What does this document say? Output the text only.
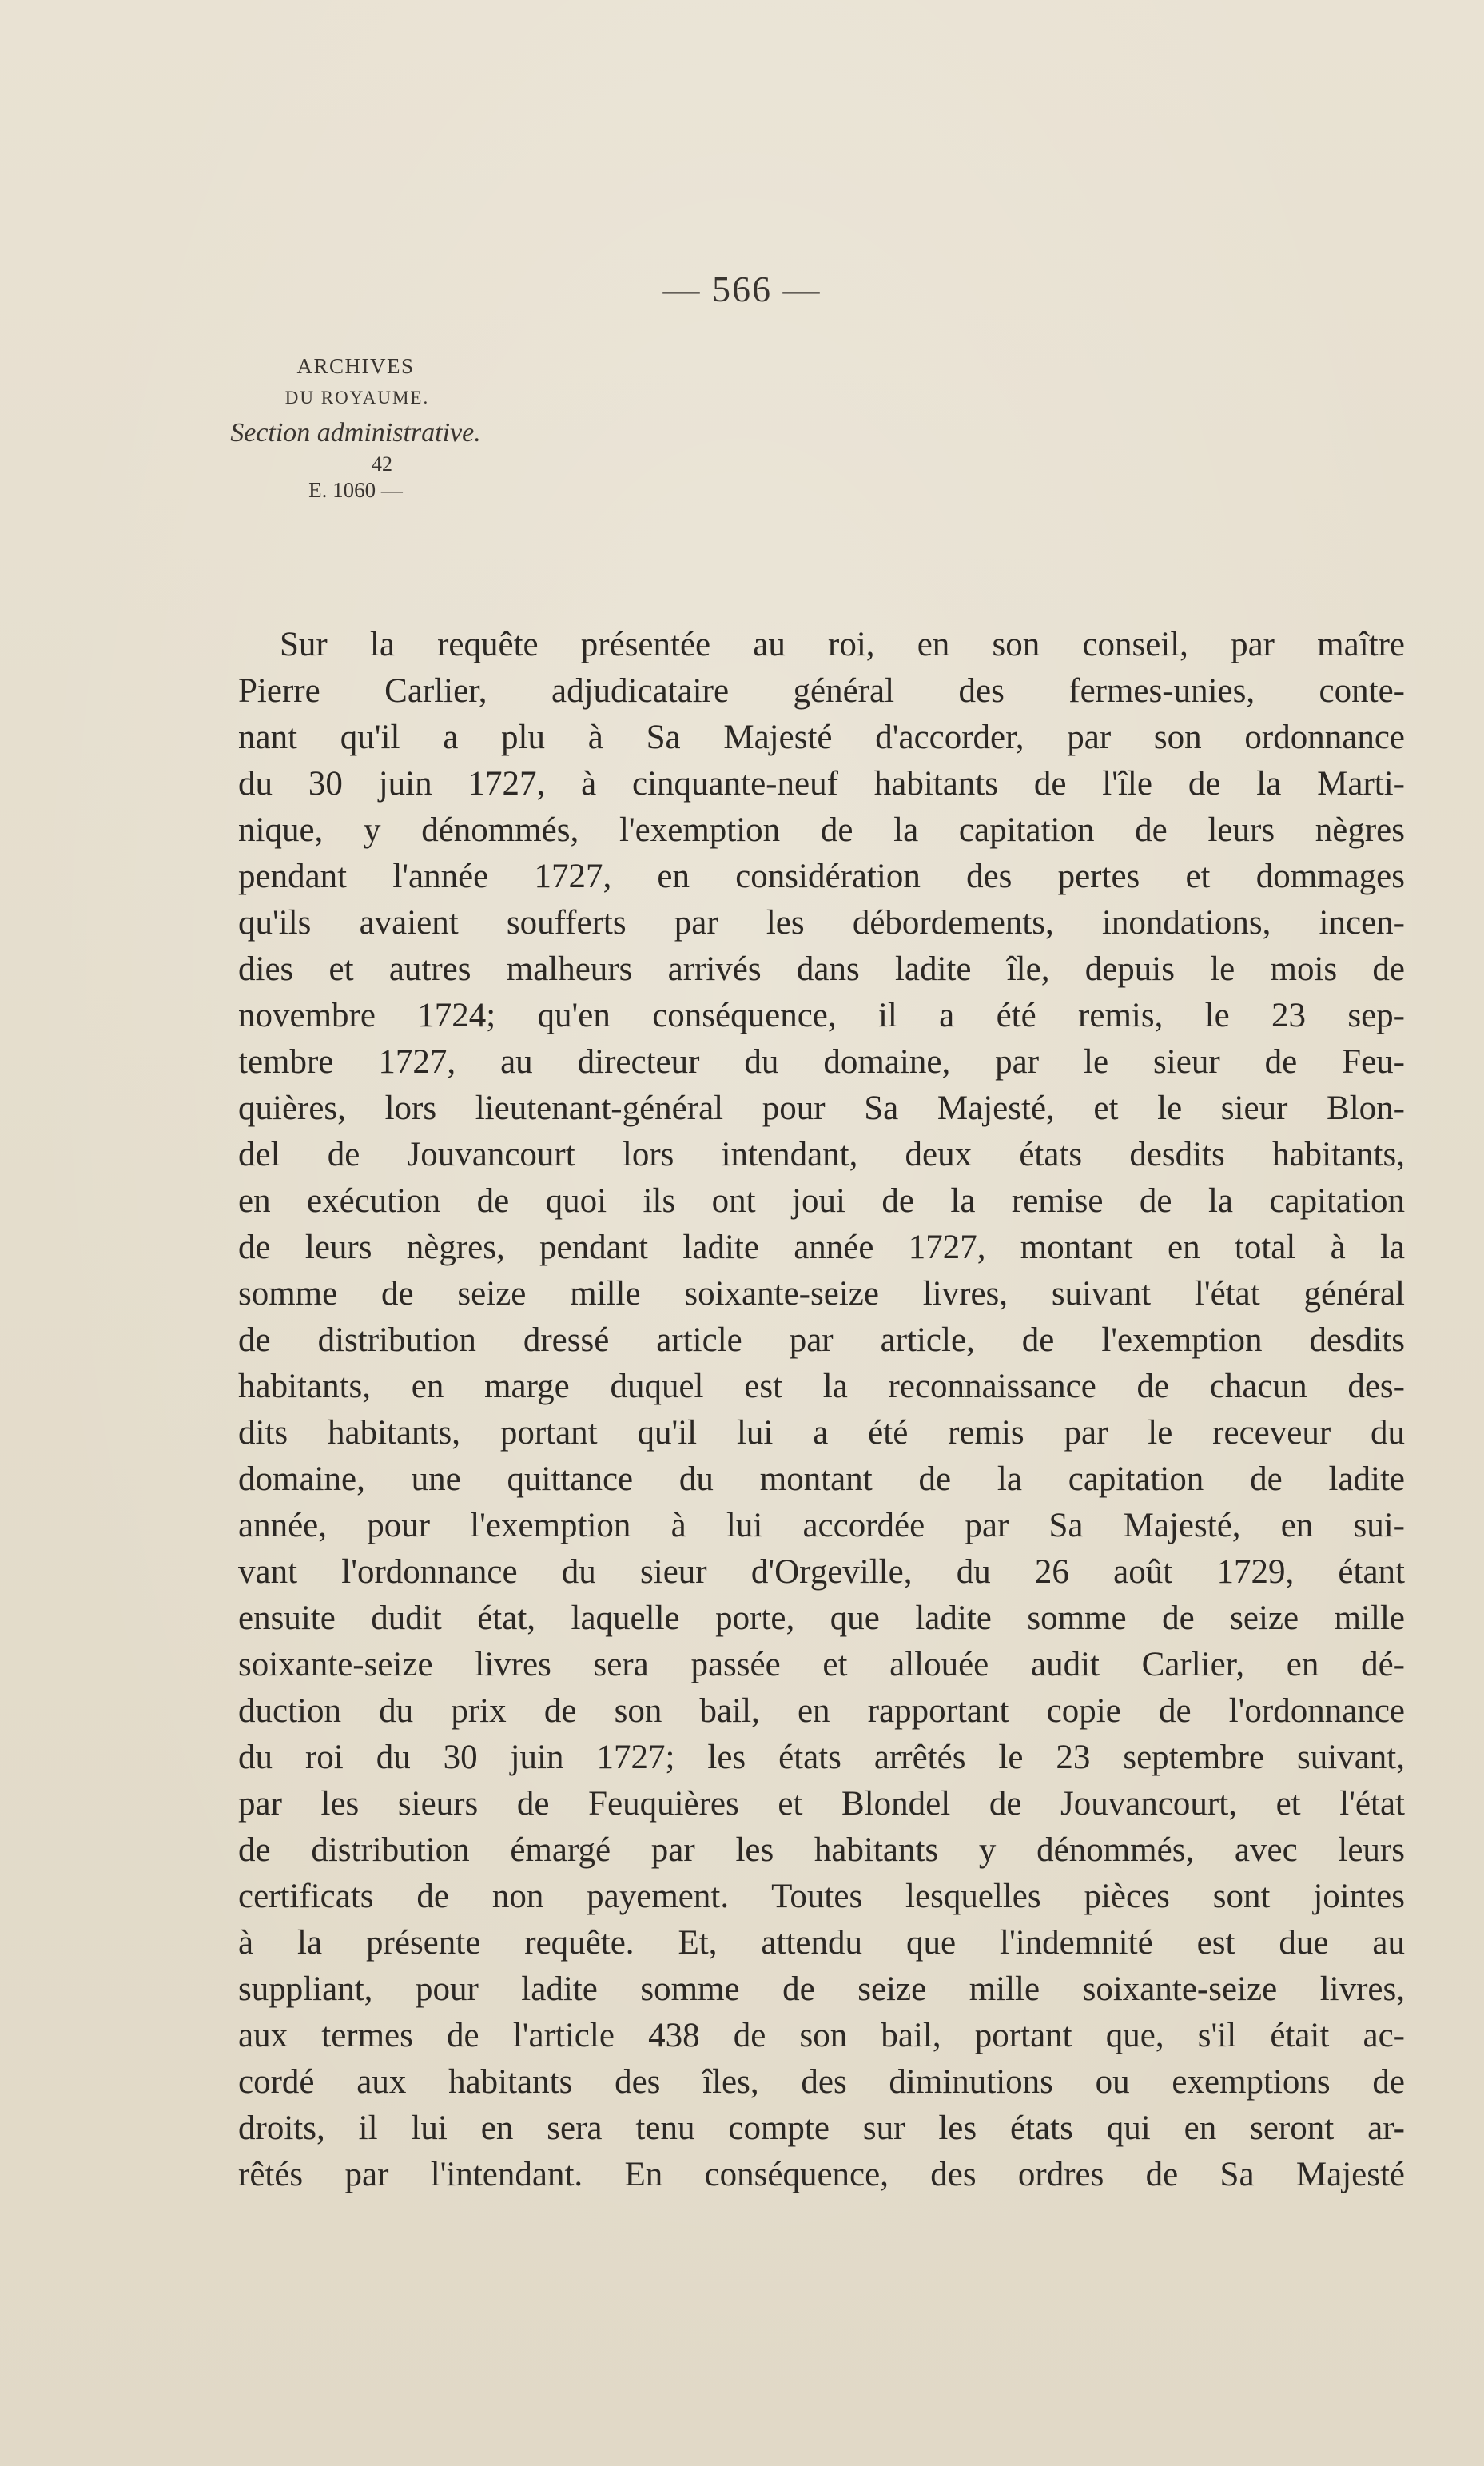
— 566 —
ARCHIVES
DU ROYAUME.
Section administrative.
42
E. 1060 —
Sur la requête présentée au roi, en son conseil, par maître
Pierre Carlier, adjudicataire général des fermes-unies, conte-
nant qu'il a plu à Sa Majesté d'accorder, par son ordonnance
du 30 juin 1727, à cinquante-neuf habitants de l'île de la Marti-
nique, y dénommés, l'exemption de la capitation de leurs nègres
pendant l'année 1727, en considération des pertes et dommages
qu'ils avaient soufferts par les débordements, inondations, incen-
dies et autres malheurs arrivés dans ladite île, depuis le mois de
novembre 1724; qu'en conséquence, il a été remis, le 23 sep-
tembre 1727, au directeur du domaine, par le sieur de Feu-
quières, lors lieutenant-général pour Sa Majesté, et le sieur Blon-
del de Jouvancourt lors intendant, deux états desdits habitants,
en exécution de quoi ils ont joui de la remise de la capitation
de leurs nègres, pendant ladite année 1727, montant en total à la
somme de seize mille soixante-seize livres, suivant l'état général
de distribution dressé article par article, de l'exemption desdits
habitants, en marge duquel est la reconnaissance de chacun des-
dits habitants, portant qu'il lui a été remis par le receveur du
domaine, une quittance du montant de la capitation de ladite
année, pour l'exemption à lui accordée par Sa Majesté, en sui-
vant l'ordonnance du sieur d'Orgeville, du 26 août 1729, étant
ensuite dudit état, laquelle porte, que ladite somme de seize mille
soixante-seize livres sera passée et allouée audit Carlier, en dé-
duction du prix de son bail, en rapportant copie de l'ordonnance
du roi du 30 juin 1727; les états arrêtés le 23 septembre suivant,
par les sieurs de Feuquières et Blondel de Jouvancourt, et l'état
de distribution émargé par les habitants y dénommés, avec leurs
certificats de non payement. Toutes lesquelles pièces sont jointes
à la présente requête. Et, attendu que l'indemnité est due au
suppliant, pour ladite somme de seize mille soixante-seize livres,
aux termes de l'article 438 de son bail, portant que, s'il était ac-
cordé aux habitants des îles, des diminutions ou exemptions de
droits, il lui en sera tenu compte sur les états qui en seront ar-
rêtés par l'intendant. En conséquence, des ordres de Sa Majesté
